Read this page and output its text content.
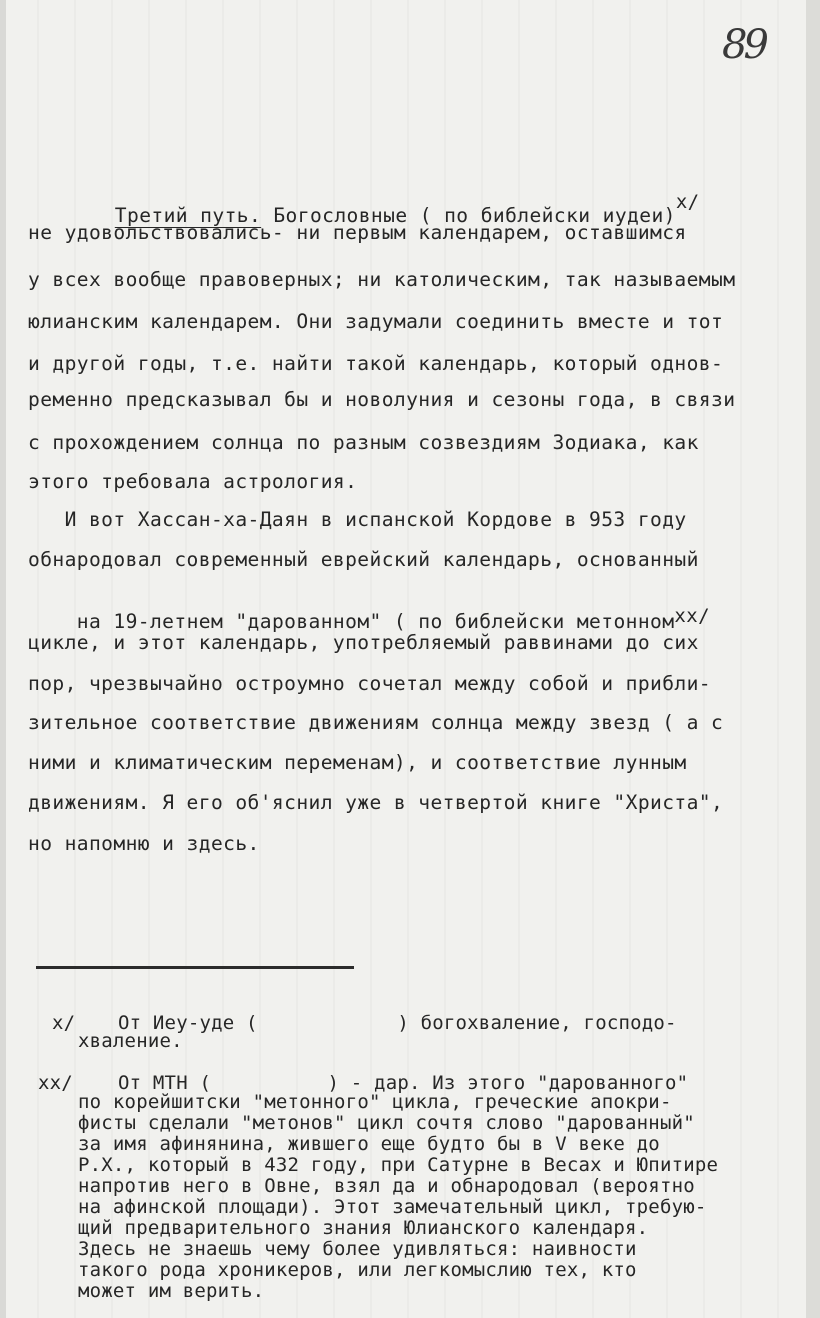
89

Третий путь. Богословные ( по библейски иудеи)х/

не удовольствовались- ни первым календарем, оставшимся
у всех вообще правоверных; ни католическим, так называемым
юлианским календарем. Они задумали соединить вместе и тот
и другой годы, т.е. найти такой календарь, который однов-
ременно предсказывал бы и новолуния и сезоны года, в связи
с прохождением солнца по разным созвездиям Зодиака, как
этого требовала астрология.
И вот Хассан-ха-Даян в испанской Кордове в 953 году
обнародовал современный еврейский календарь, основанный

на 19-летнем "дарованном" ( по библейски метонномхх/

цикле, и этот календарь, употребляемый раввинами до сих
пор, чрезвычайно остроумно сочетал между собой и прибли-
зительное соответствие движениям солнца между звезд ( а с
ними и климатическим переменам), и соответствие лунным
движениям. Я его об'яснил уже в четвертой книге "Христа",
но напомню и здесь.
х/ От Иеу-уде (            ) богохваление, господо-
хваление.
хх/ От МТН (          ) - дар. Из этого "дарованного"
по корейшитски "метонного" цикла, греческие апокри-
фисты сделали "метонов" цикл сочтя слово "дарованный"
за имя афинянина, жившего еще будто бы в V веке до
Р.Х., который в 432 году, при Сатурне в Весах и Юпитире
напротив него в Овне, взял да и обнародовал (вероятно
на афинской площади). Этот замечательный цикл, требую-
щий предварительного знания Юлианского календаря.
Здесь не знаешь чему более удивляться: наивности
такого рода хроникеров, или легкомыслию тех, кто
может им верить.
